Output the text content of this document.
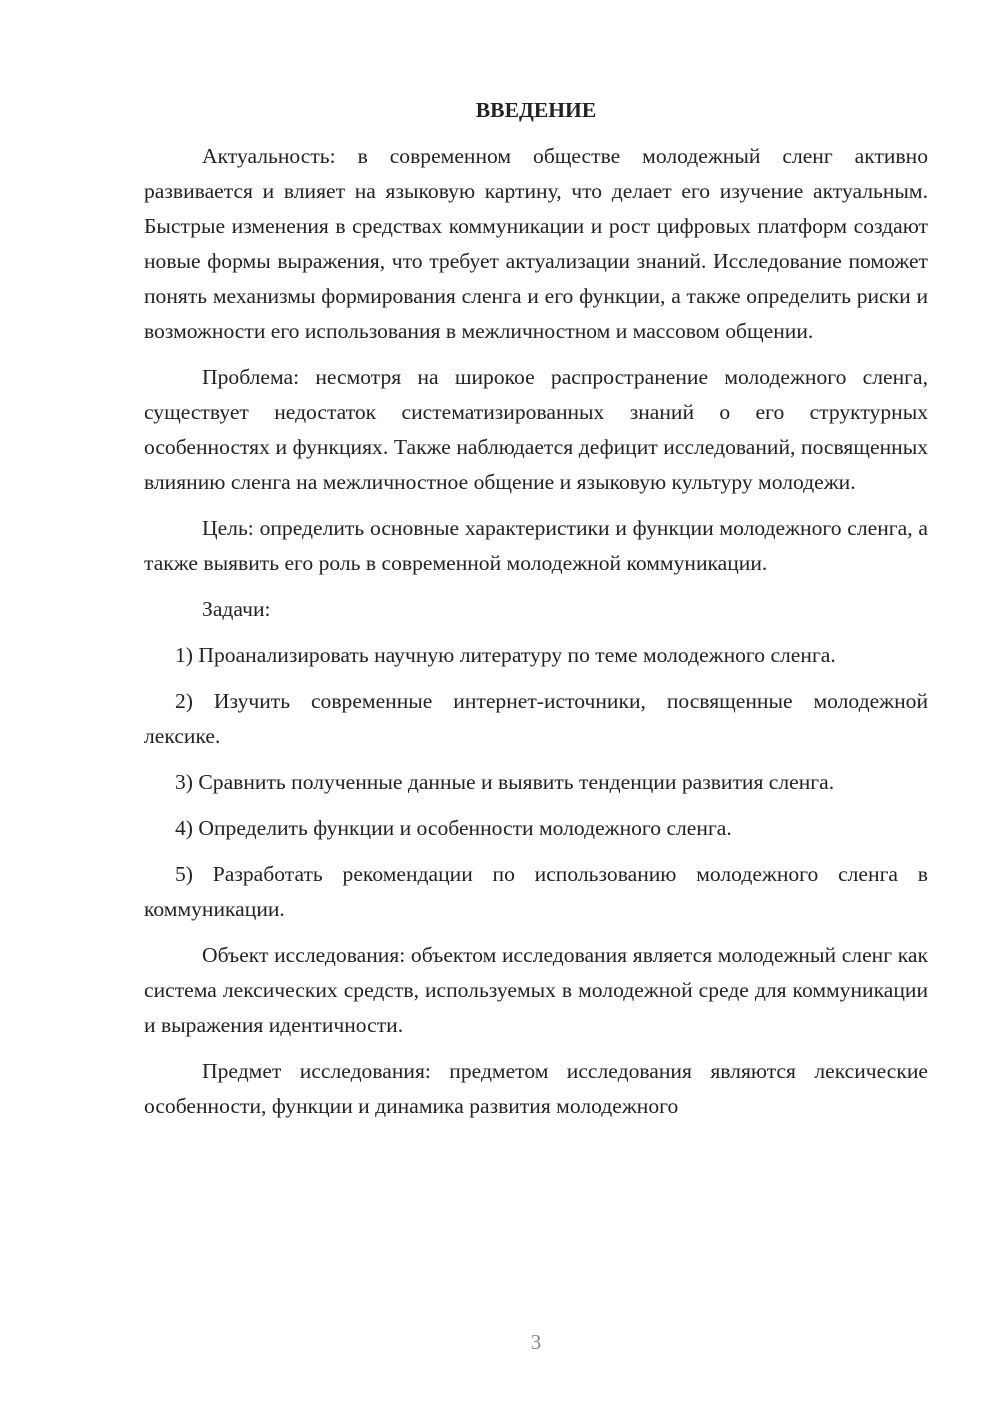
ВВЕДЕНИЕ

Актуальность: в современном обществе молодежный сленг активно развивается и влияет на языковую картину, что делает его изучение актуальным. Быстрые изменения в средствах коммуникации и рост цифровых платформ создают новые формы выражения, что требует актуализации знаний. Исследование поможет понять механизмы формирования сленга и его функции, а также определить риски и возможности его использования в межличностном и массовом общении.

Проблема: несмотря на широкое распространение молодежного сленга, существует недостаток систематизированных знаний о его структурных особенностях и функциях. Также наблюдается дефицит исследований, посвященных влиянию сленга на межличностное общение и языковую культуру молодежи.

Цель: определить основные характеристики и функции молодежного сленга, а также выявить его роль в современной молодежной коммуникации.

Задачи:

1) Проанализировать научную литературу по теме молодежного сленга.

2) Изучить современные интернет-источники, посвященные молодежной лексике.

3) Сравнить полученные данные и выявить тенденции развития сленга.

4) Определить функции и особенности молодежного сленга.

5) Разработать рекомендации по использованию молодежного сленга в коммуникации.

Объект исследования: объектом исследования является молодежный сленг как система лексических средств, используемых в молодежной среде для коммуникации и выражения идентичности.

Предмет исследования: предметом исследования являются лексические особенности, функции и динамика развития молодежного

3
